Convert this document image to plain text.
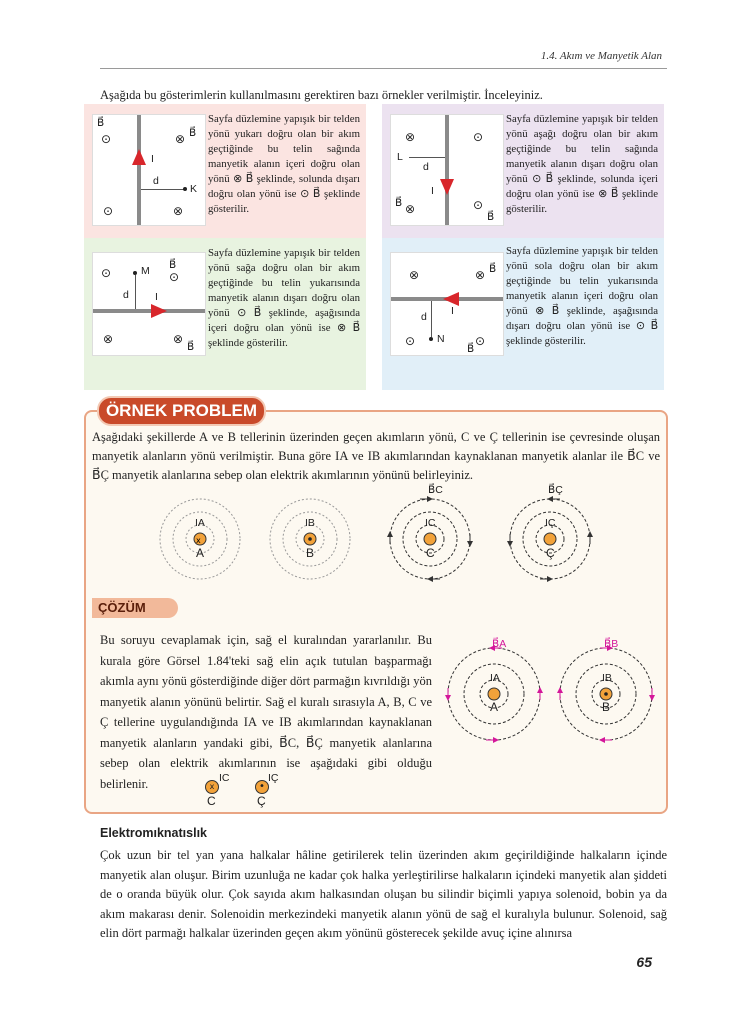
1.4. Akım ve Manyetik Alan
Aşağıda bu gösterimlerin kullanılmasını gerektiren bazı örnekler verilmiştir. İnceleyiniz.
B⃗
⊙	⊗ B⃗
I
d
K
⊙	⊗
Sayfa düzlemine yapışık bir telden yönü yukarı doğru olan bir akım geçtiğinde bu telin sağında manyetik alanın içeri doğru olan yönü ⊗ B⃗ şeklinde, solunda dışarı doğru olan yönü ise ⊙ B⃗ şeklinde gösterilir.
⊗	⊙
L
d
I
⊗
B⃗	⊙
B⃗
Sayfa düzlemine yapışık bir telden yönü aşağı doğru olan bir akım geçtiğinde bu telin sağında manyetik alanın dışarı doğru olan yönü ⊙ B⃗ şeklinde, solunda içeri doğru olan yönü ise ⊗ B⃗ şeklinde gösterilir.
⊙	M B⃗
⊙
d I
⊗	⊗
B⃗
Sayfa düzlemine yapışık bir telden yönü sağa doğru olan bir akım geçtiğinde bu telin yukarısında manyetik alanın dışarı doğru olan yönü ⊙ B⃗ şeklinde, aşağısında içeri doğru olan yönü ise ⊗ B⃗ şeklinde gösterilir.
⊗	⊗ B⃗
I
d
N
⊙	⊙
B⃗
Sayfa düzlemine yapışık bir telden yönü sola doğru olan bir akım geçtiğinde bu telin yukarısında manyetik alanın içeri doğru olan yönü ⊗ B⃗ şeklinde, aşağısında dışarı doğru olan yönü ise ⊙ B⃗ şeklinde gösterilir.
ÖRNEK PROBLEM
Aşağıdaki şekillerde A ve B tellerinin üzerinden geçen akımların yönü, C ve Ç tellerinin ise çevresinde oluşan manyetik alanların yönü verilmiştir. Buna göre IA ve IB akımlarından kaynaklanan manyetik alanlar ile B⃗C ve B⃗Ç manyetik alanlarına sebep olan elektrik akımlarının yönünü belirleyiniz.
x
IA
A
IB
B
IC
C
B⃗C
IÇ
Ç
B⃗Ç
ÇÖZÜM
Bu soruyu cevaplamak için, sağ el kuralından yararlanılır. Bu kurala göre Görsel 1.84'teki sağ elin açık tutulan başparmağı akımla aynı yönü gösterdiğinde diğer dört parmağın kıvrıldığı yön manyetik alanın yönünü belirtir. Sağ el kuralı sırasıyla A, B, C ve Ç tellerine uygulandığında IA ve IB akımlarından kaynaklanan manyetik alanların yandaki gibi, B⃗C, B⃗Ç manyetik alanlarına sebep olan elektrik akımlarının ise aşağıdaki gibi olduğu belirlenir.
IA
A
B⃗A
IB
B
B⃗B
x
IC
C
•
IÇ
Ç
Elektromıknatıslık
Çok uzun bir tel yan yana halkalar hâline getirilerek telin üzerinden akım geçirildiğinde halkaların içinde manyetik alan oluşur. Birim uzunluğa ne kadar çok halka yerleştirilirse halkaların içindeki manyetik alan şiddeti de o oranda büyük olur. Çok sayıda akım halkasından oluşan bu silindir biçimli yapıya solenoid, bobin ya da akım makarası denir. Solenoidin merkezindeki manyetik alanın yönü de sağ el kuralıyla bulunur. Solenoid, sağ elin dört parmağı halkalar üzerinden geçen akım yönünü gösterecek şekilde avuç içine alınırsa
65
